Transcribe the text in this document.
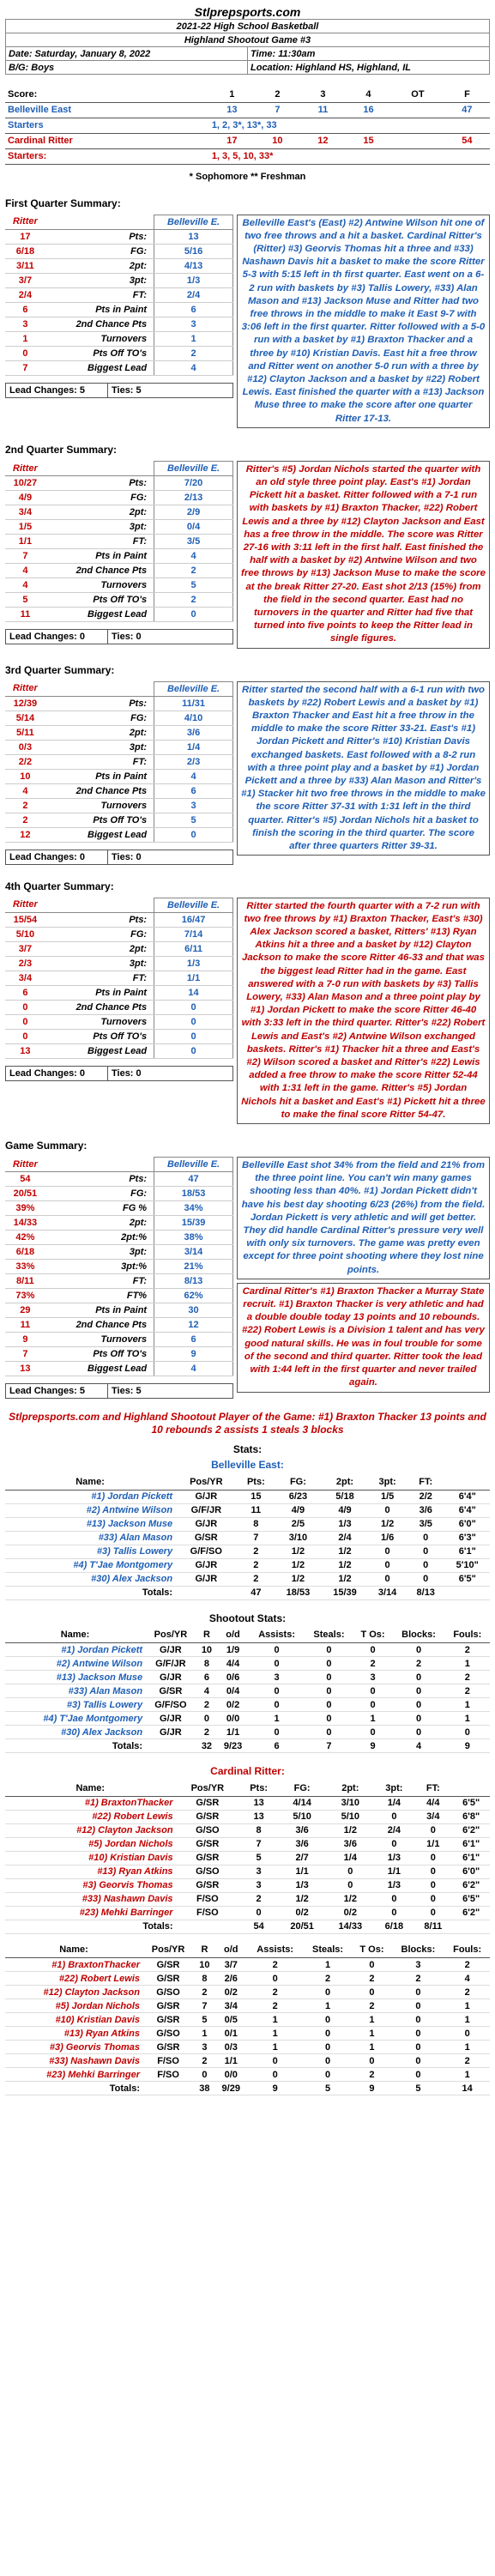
Stlprepsports.com
2021-22 High School Basketball	
Highland Shootout Game #3	
Date: Saturday, January 8, 2022	Time: 11:30am
B/G: Boys	Location: Highland HS, Highland, IL
Score:	1	2	3	4	OT	F
Belleville East	13	7	11	16		47
Starters	1, 2, 3*, 13*, 33					
Cardinal Ritter	17	10	12	15		54
Starters:	1, 3, 5, 10, 33*					
* Sophomore ** Freshman
First Quarter Summary:
Ritter		Belleville E.
17	Pts:	13
6/18	FG:	5/16
3/11	2pt:	4/13
3/7	3pt:	1/3
2/4	FT:	2/4
6	Pts in Paint	6
3	2nd Chance Pts	3
1	Turnovers	1
0	Pts Off TO's	2
7	Biggest Lead	4
Lead Changes: 5	Ties: 5
Belleville East's (East) #2) Antwine Wilson hit one of two free throws and a hit a basket. Cardinal Ritter's (Ritter) #3) Georvis Thomas hit a three and #33) Nashawn Davis hit a basket to make the score Ritter 5-3 with 5:15 left in th first quarter. East went on a 6-2 run with baskets by #3) Tallis Lowery, #33) Alan Mason and #13) Jackson Muse and Ritter had two free throws in the middle to make it East 9-7 with 3:06 left in the first quarter. Ritter followed with a 5-0 run with a basket by #1) Braxton Thacker and a three by #10) Kristian Davis. East hit a free throw and Ritter went on another 5-0 run with a three by #12) Clayton Jackson and a basket by #22) Robert Lewis. East finished the quarter with a #13) Jackson Muse three to make the score after one quarter Ritter 17-13.
2nd Quarter Summary:
Ritter		Belleville E.
10/27	Pts:	7/20
4/9	FG:	2/13
3/4	2pt:	2/9
1/5	3pt:	0/4
1/1	FT:	3/5
7	Pts in Paint	4
4	2nd Chance Pts	2
4	Turnovers	5
5	Pts Off TO's	2
11	Biggest Lead	0
Lead Changes: 0	Ties: 0
Ritter's #5) Jordan Nichols started the quarter with an old style three point play. East's #1) Jordan Pickett hit a basket. Ritter followed with a 7-1 run with baskets by #1) Braxton Thacker, #22) Robert Lewis and a three by #12) Clayton Jackson and East has a free throw in the middle. The score was Ritter 27-16 with 3:11 left in the first half. East finished the half with a basket by #2) Antwine Wilson and two free throws by #13) Jackson Muse to make the score at the break Ritter 27-20. East shot 2/13 (15%) from the field in the second quarter. East had no turnovers in the quarter and Ritter had five that turned into five points to keep the Ritter lead in single figures.
3rd Quarter Summary:
Ritter		Belleville E.
12/39	Pts:	11/31
5/14	FG:	4/10
5/11	2pt:	3/6
0/3	3pt:	1/4
2/2	FT:	2/3
10	Pts in Paint	4
4	2nd Chance Pts	6
2	Turnovers	3
2	Pts Off TO's	5
12	Biggest Lead	0
Lead Changes: 0	Ties: 0
Ritter started the second half with a 6-1 run with two baskets by #22) Robert Lewis and a basket by #1) Braxton Thacker and East hit a free throw in the middle to make the score Ritter 33-21. East's #1) Jordan Pickett and Ritter's #10) Kristian Davis exchanged baskets. East followed with a 8-2 run with a three point play and a basket by #1) Jordan Pickett and a three by #33) Alan Mason and Ritter's #1) Stacker hit two free throws in the middle to make the score Ritter 37-31 with 1:31 left in the third quarter. Ritter's #5) Jordan Nichols hit a basket to finish the scoring in the third quarter. The score after three quarters Ritter 39-31.
4th Quarter Summary:
Ritter		Belleville E.
15/54	Pts:	16/47
5/10	FG:	7/14
3/7	2pt:	6/11
2/3	3pt:	1/3
3/4	FT:	1/1
6	Pts in Paint	14
0	2nd Chance Pts	0
0	Turnovers	0
0	Pts Off TO's	0
13	Biggest Lead	0
Lead Changes: 0	Ties: 0
Ritter started the fourth quarter with a 7-2 run with two free throws by #1) Braxton Thacker, East's #30) Alex Jackson scored a basket, Ritters' #13) Ryan Atkins hit a three and a basket by #12) Clayton Jackson to make the score Ritter 46-33 and that was the biggest lead Ritter had in the game. East answered with a 7-0 run with baskets by #3) Tallis Lowery, #33) Alan Mason and a three point play by #1) Jordan Pickett to make the score Ritter 46-40 with 3:33 left in the third quarter. Ritter's #22) Robert Lewis and East's #2) Antwine Wilson exchanged baskets. Ritter's #1) Thacker hit a three and East's #2) Wilson scored a basket and Ritter's #22) Lewis added a free throw to make the score Ritter 52-44 with 1:31 left in the game. Ritter's #5) Jordan Nichols hit a basket and East's #1) Pickett hit a three to make the final score Ritter 54-47.
Game Summary:
Ritter		Belleville E.
54	Pts:	47
20/51	FG:	18/53
39%	FG %	34%
14/33	2pt:	15/39
42%	2pt:%	38%
6/18	3pt:	3/14
33%	3pt:%	21%
8/11	FT:	8/13
73%	FT%	62%
29	Pts in Paint	30
11	2nd Chance Pts	12
9	Turnovers	6
7	Pts Off TO's	9
13	Biggest Lead	4
Lead Changes: 5	Ties: 5
Belleville East shot 34% from the field and 21% from the three point line. You can't win many games shooting less than 40%. #1) Jordan Pickett didn't have his best day shooting 6/23 (26%) from the field. Jordan Pickett is very athletic and will get better. They did handle Cardinal Ritter's pressure very well with only six turnovers. The game was pretty even except for three point shooting where they lost nine points.
Cardinal Ritter's #1) Braxton Thacker a Murray State recruit. #1) Braxton Thacker is very athletic and had a double double today 13 points and 10 rebounds. #22) Robert Lewis is a Division 1 talent and has very good natural skills. He was in foul trouble for some of the second and third quarter. Ritter took the lead with 1:44 left in the first quarter and never trailed again.
Stlprepsports.com and Highland Shootout Player of the Game: #1) Braxton Thacker 13 points and 10 rebounds 2 assists 1 steals 3 blocks
Stats:
Belleville East:
Name:	Pos/YR	Pts:	FG:	2pt:	3pt:	FT:	
#1) Jordan Pickett	G/JR	15	6/23	5/18	1/5	2/2	6'4"
#2) Antwine Wilson	G/F/JR	11	4/9	4/9	0	3/6	6'4"
#13) Jackson Muse	G/JR	8	2/5	1/3	1/2	3/5	6'0"
#33) Alan Mason	G/SR	7	3/10	2/4	1/6	0	6'3"
#3) Tallis Lowery	G/F/SO	2	1/2	1/2	0	0	6'1"
#4) T'Jae Montgomery	G/JR	2	1/2	1/2	0	0	5'10"
#30) Alex Jackson	G/JR	2	1/2	1/2	0	0	6'5"
Totals:		47	18/53	15/39	3/14	8/13	
Shootout Stats:
Name:	Pos/YR	R	o/d	Assists:	Steals:	T Os:	Blocks:	Fouls:
#1) Jordan Pickett	G/JR	10	1/9	0	0	0	0	2
#2) Antwine Wilson	G/F/JR	8	4/4	0	0	2	2	1
#13) Jackson Muse	G/JR	6	0/6	3	0	3	0	2
#33) Alan Mason	G/SR	4	0/4	0	0	0	0	2
#3) Tallis Lowery	G/F/SO	2	0/2	0	0	0	0	1
#4) T'Jae Montgomery	G/JR	0	0/0	1	0	1	0	1
#30) Alex Jackson	G/JR	2	1/1	0	0	0	0	0
Totals:		32	9/23	6	7	9	4	9
Cardinal Ritter:
Name:	Pos/YR	Pts:	FG:	2pt:	3pt:	FT:	
#1) BraxtonThacker	G/SR	13	4/14	3/10	1/4	4/4	6'5"
#22) Robert Lewis	G/SR	13	5/10	5/10	0	3/4	6'8"
#12) Clayton Jackson	G/SO	8	3/6	1/2	2/4	0	6'2"
#5) Jordan Nichols	G/SR	7	3/6	3/6	0	1/1	6'1"
#10) Kristian Davis	G/SR	5	2/7	1/4	1/3	0	6'1"
#13) Ryan Atkins	G/SO	3	1/1	0	1/1	0	6'0"
#3) Georvis Thomas	G/SR	3	1/3	0	1/3	0	6'2"
#33) Nashawn Davis	F/SO	2	1/2	1/2	0	0	6'5"
#23) Mehki Barringer	F/SO	0	0/2	0/2	0	0	6'2"
Totals:		54	20/51	14/33	6/18	8/11	
Name:	Pos/YR	R	o/d	Assists:	Steals:	T Os:	Blocks:	Fouls:
#1) BraxtonThacker	G/SR	10	3/7	2	1	0	3	2
#22) Robert Lewis	G/SR	8	2/6	0	2	2	2	4
#12) Clayton Jackson	G/SO	2	0/2	2	0	0	0	2
#5) Jordan Nichols	G/SR	7	3/4	2	1	2	0	1
#10) Kristian Davis	G/SR	5	0/5	1	0	1	0	1
#13) Ryan Atkins	G/SO	1	0/1	1	0	1	0	0
#3) Georvis Thomas	G/SR	3	0/3	1	0	1	0	1
#33) Nashawn Davis	F/SO	2	1/1	0	0	0	0	2
#23) Mehki Barringer	F/SO	0	0/0	0	0	2	0	1
Totals:		38	9/29	9	5	9	5	14
